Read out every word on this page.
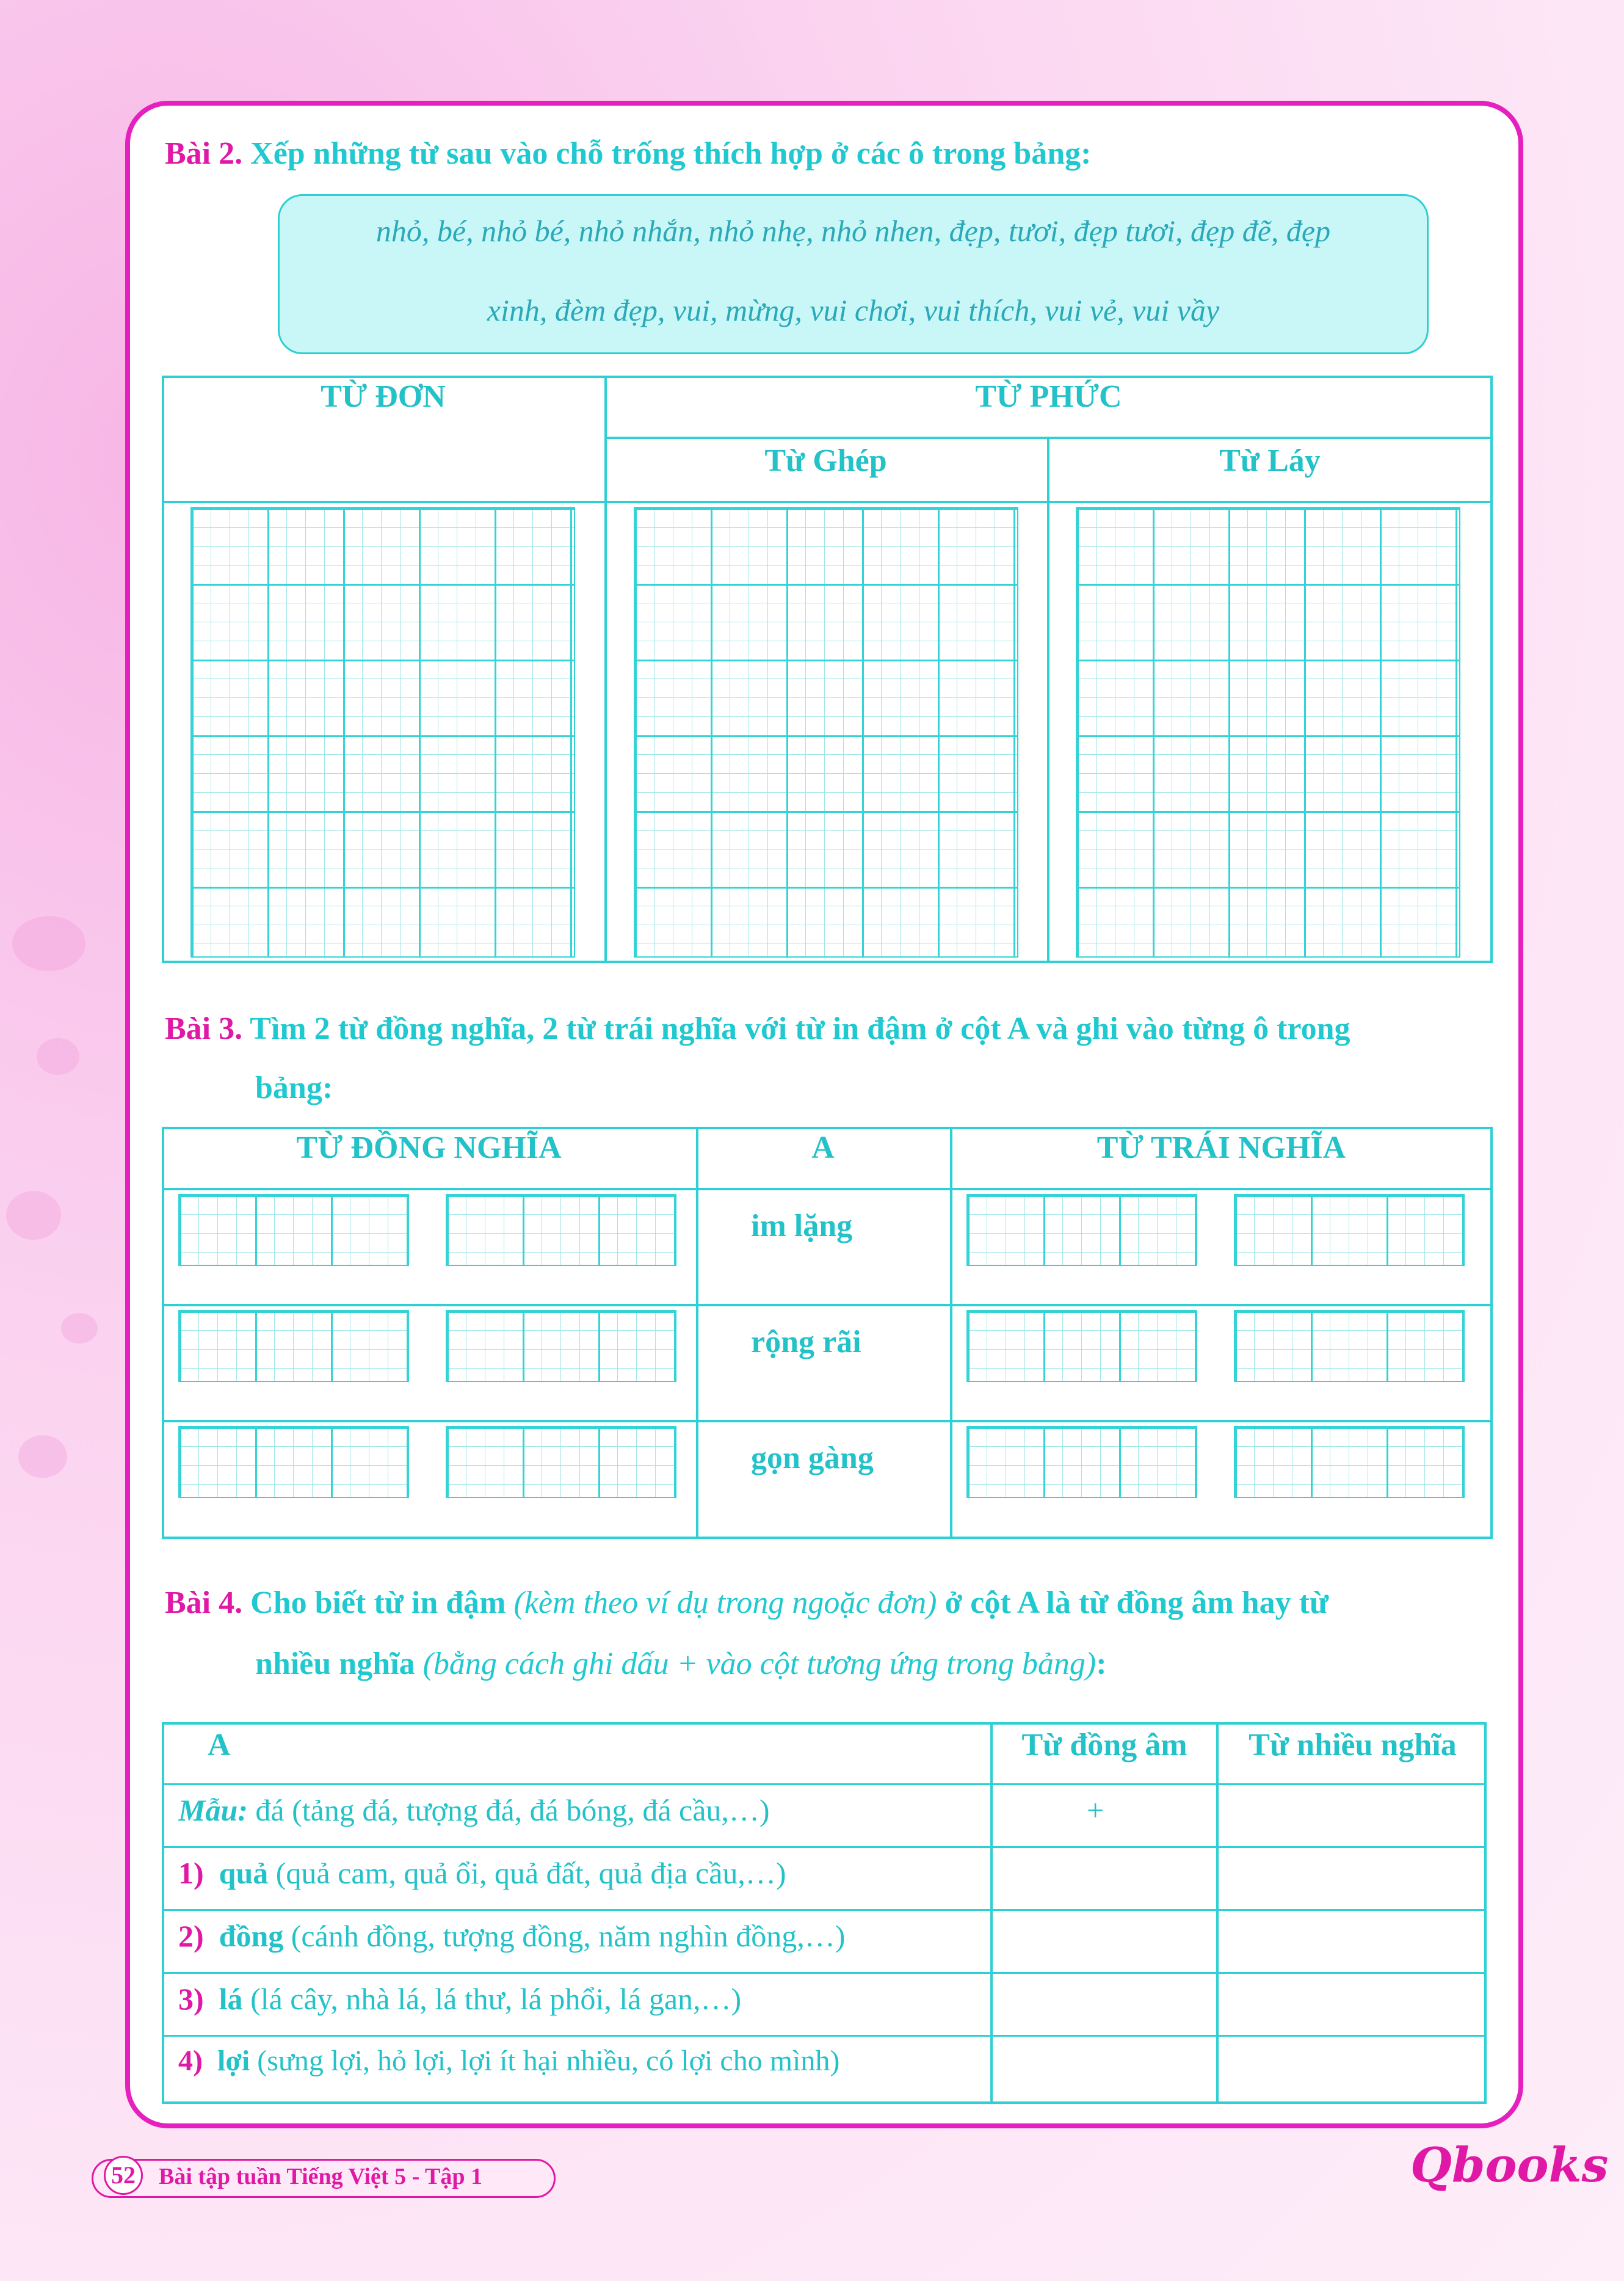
Bài 2. Xếp những từ sau vào chỗ trống thích hợp ở các ô trong bảng:
nhỏ, bé, nhỏ bé, nhỏ nhắn, nhỏ nhẹ, nhỏ nhen, đẹp, tươi, đẹp tươi, đẹp đẽ, đẹp
xinh, đèm đẹp, vui, mừng, vui chơi, vui thích, vui vẻ, vui vầy
TỪ ĐƠN	TỪ PHỨC
Từ Ghép	Từ Láy
Bài 3. Tìm 2 từ đồng nghĩa, 2 từ trái nghĩa với từ in đậm ở cột A và ghi vào từng ô trong
bảng:
TỪ ĐỒNG NGHĨA	A	TỪ TRÁI NGHĨA
im lặng
rộng rãi
gọn gàng
Bài 4. Cho biết từ in đậm (kèm theo ví dụ trong ngoặc đơn) ở cột A là từ đồng âm hay từ
nhiều nghĩa (bằng cách ghi dấu + vào cột tương ứng trong bảng):
A	Từ đồng âm	Từ nhiều nghĩa
Mẫu: đá (tảng đá, tượng đá, đá bóng, đá cầu,…)	+
1) quả (quả cam, quả ổi, quả đất, quả địa cầu,…)
2) đồng (cánh đồng, tượng đồng, năm nghìn đồng,…)
3) lá (lá cây, nhà lá, lá thư, lá phổi, lá gan,…)
4) lợi (sưng lợi, hỏ lợi, lợi ít hại nhiều, có lợi cho mình)
52	Bài tập tuần Tiếng Việt 5 - Tập 1	Qbooks
